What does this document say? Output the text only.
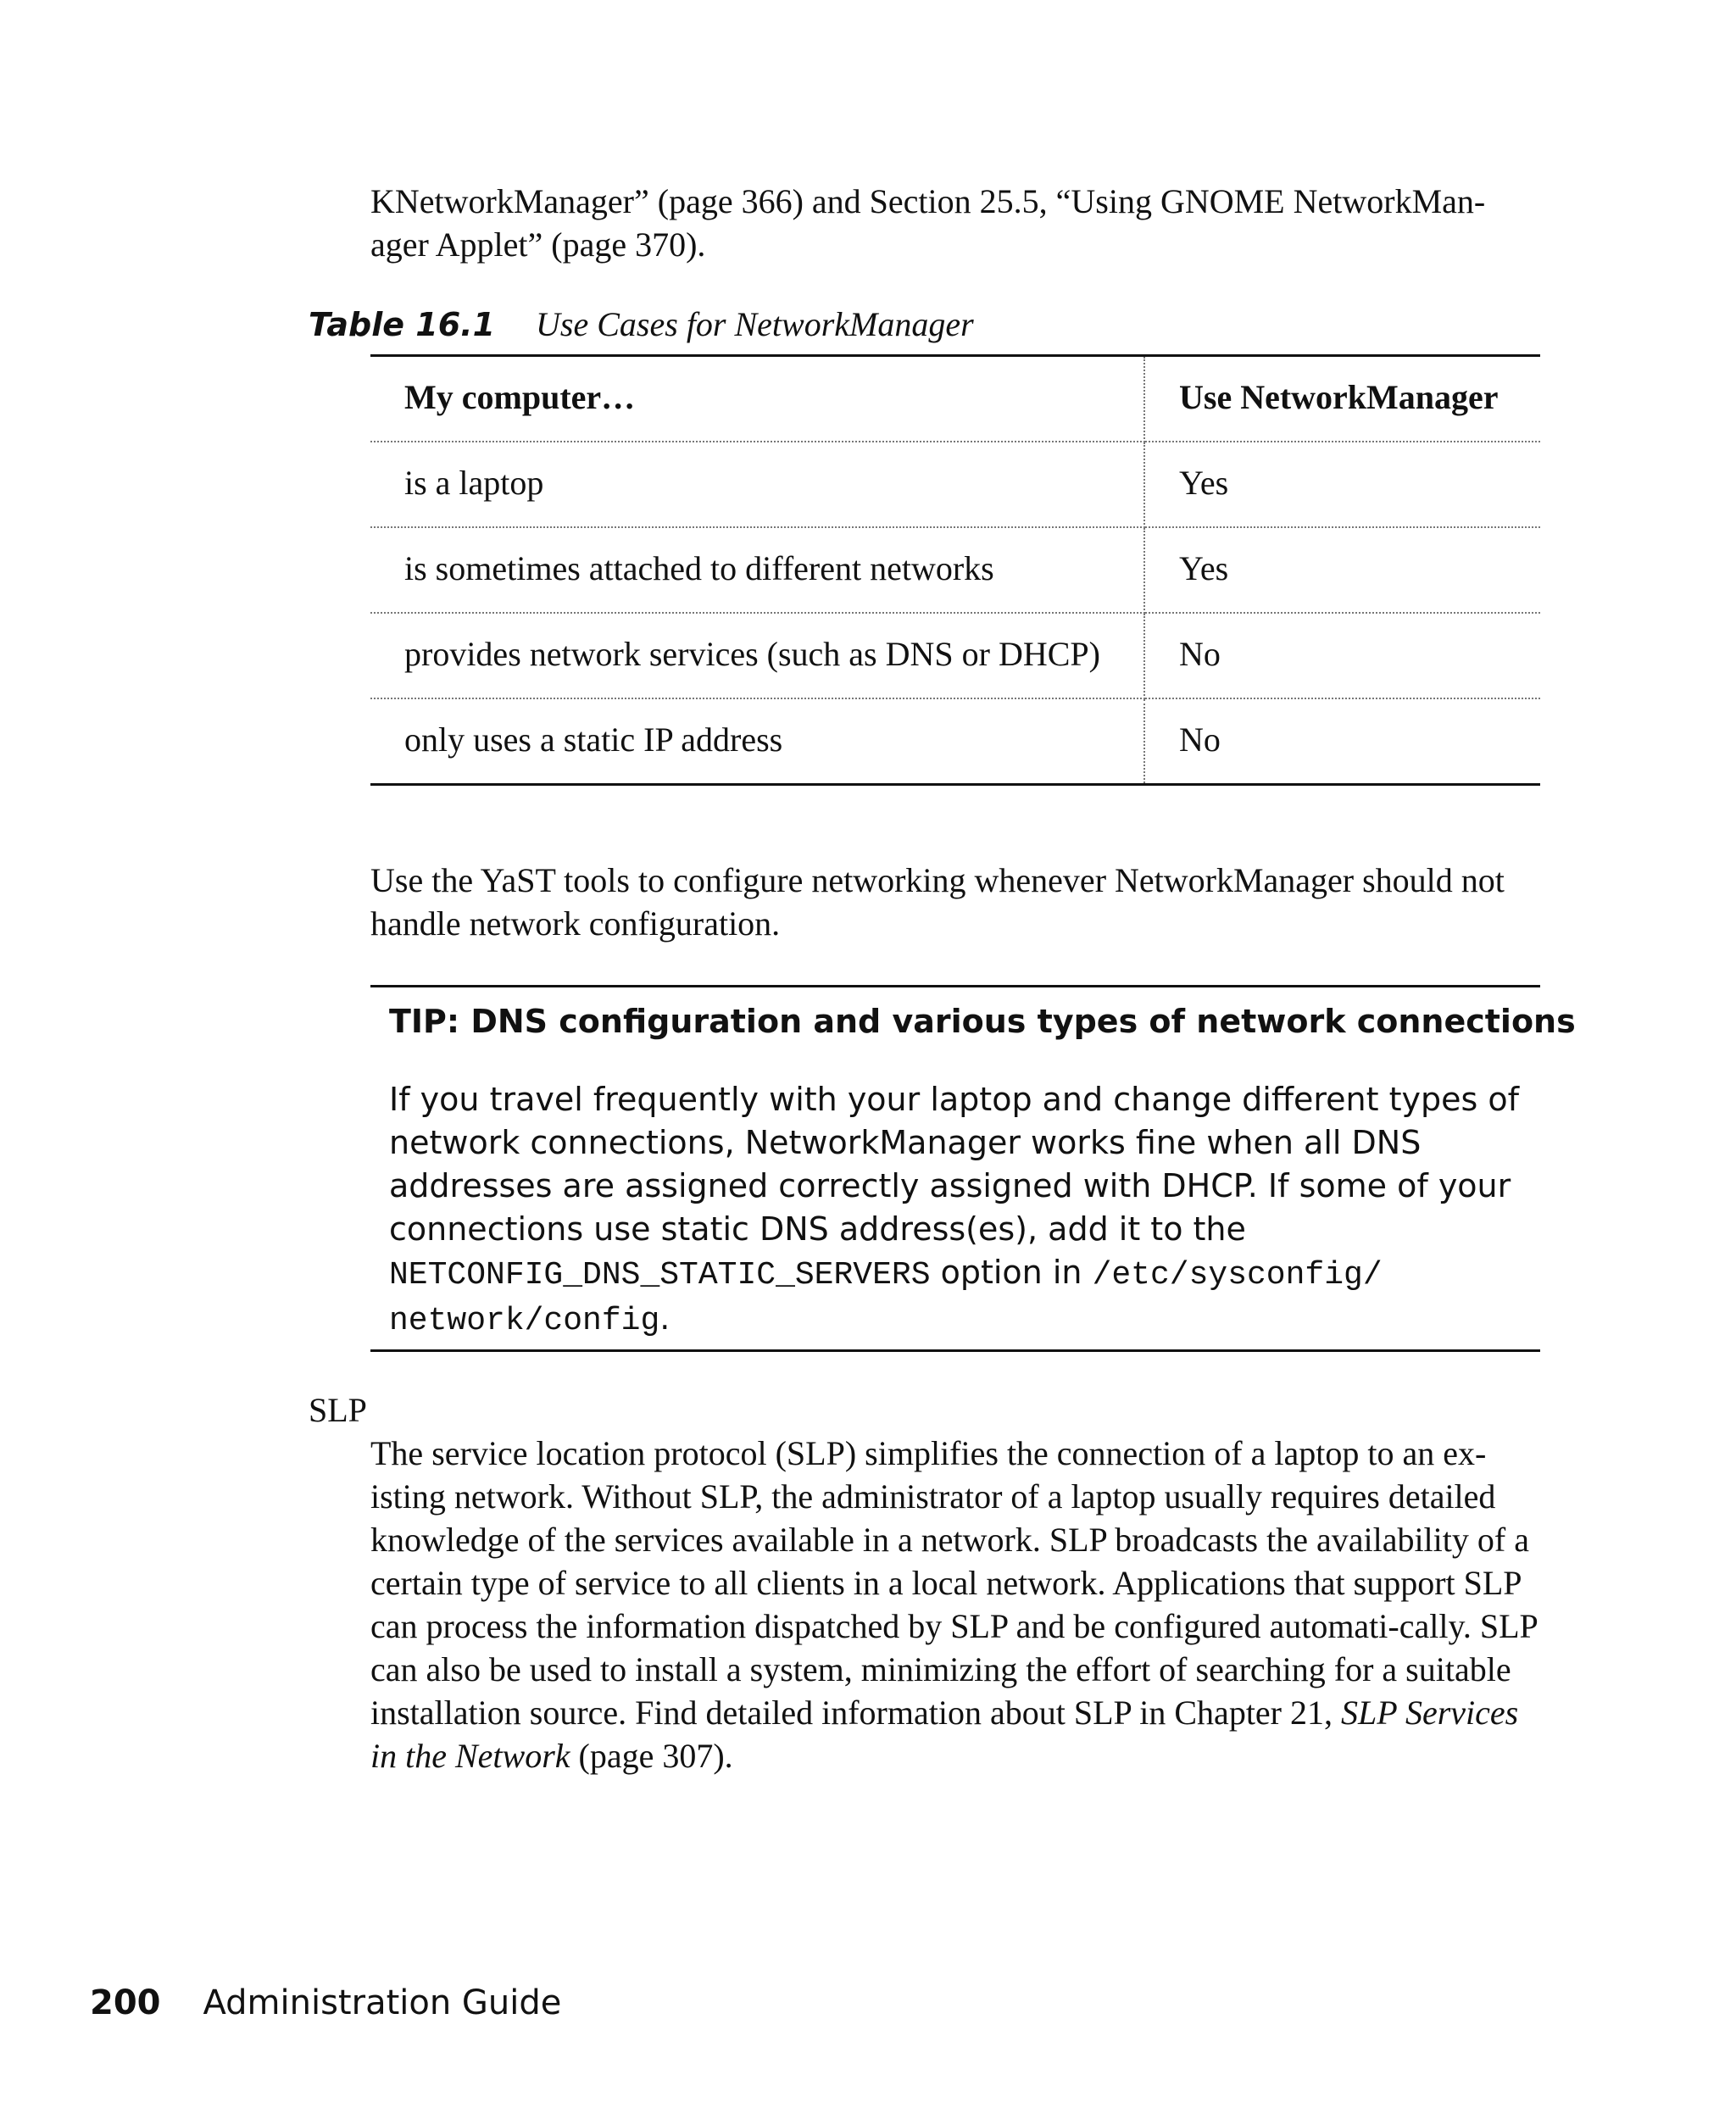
KNetworkManager” (page 366) and Section 25.5, “Using GNOME NetworkMan-ager Applet” (page 370).

Table 16.1 Use Cases for NetworkManager

My computer…	Use NetworkManager
is a laptop	Yes
is sometimes attached to different networks	Yes
provides network services (such as DNS or DHCP)	No
only uses a static IP address	No

Use the YaST tools to configure networking whenever NetworkManager should not handle network configuration.

TIP: DNS configuration and various types of network connections

If you travel frequently with your laptop and change different types of network connections, NetworkManager works fine when all DNS addresses are assigned correctly assigned with DHCP. If some of your connections use static DNS address(es), add it to the NETCONFIG_DNS_STATIC_SERVERS option in /etc/sysconfig/ network/config.

SLP

The service location protocol (SLP) simplifies the connection of a laptop to an ex-isting network. Without SLP, the administrator of a laptop usually requires detailed knowledge of the services available in a network. SLP broadcasts the availability of a certain type of service to all clients in a local network. Applications that support SLP can process the information dispatched by SLP and be configured automati-cally. SLP can also be used to install a system, minimizing the effort of searching for a suitable installation source. Find detailed information about SLP in Chapter 21, SLP Services in the Network (page 307).

200 Administration Guide
